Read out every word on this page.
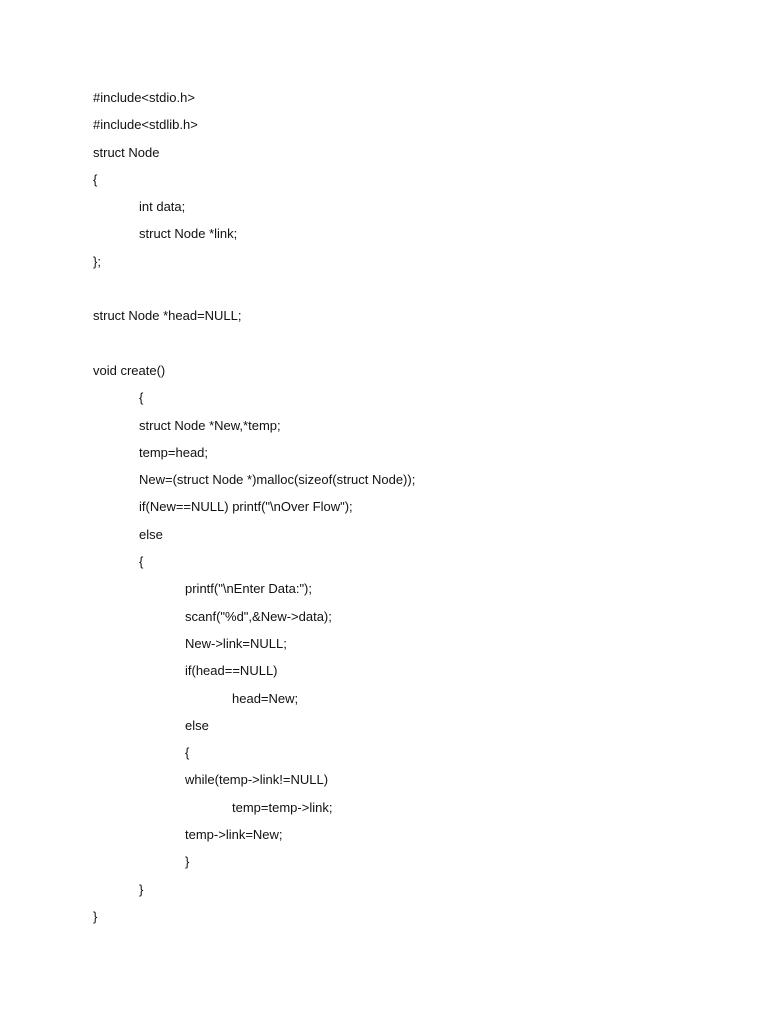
#include<stdio.h>
#include<stdlib.h>
struct Node
{
int data;
struct Node *link;
};
struct Node *head=NULL;
void create()
{
struct Node *New,*temp;
temp=head;
New=(struct Node *)malloc(sizeof(struct Node));
if(New==NULL) printf("\nOver Flow");
else
{
printf("\nEnter Data:");
scanf("%d",&New->data);
New->link=NULL;
if(head==NULL)
head=New;
else
{
while(temp->link!=NULL)
temp=temp->link;
temp->link=New;
}
}
}
